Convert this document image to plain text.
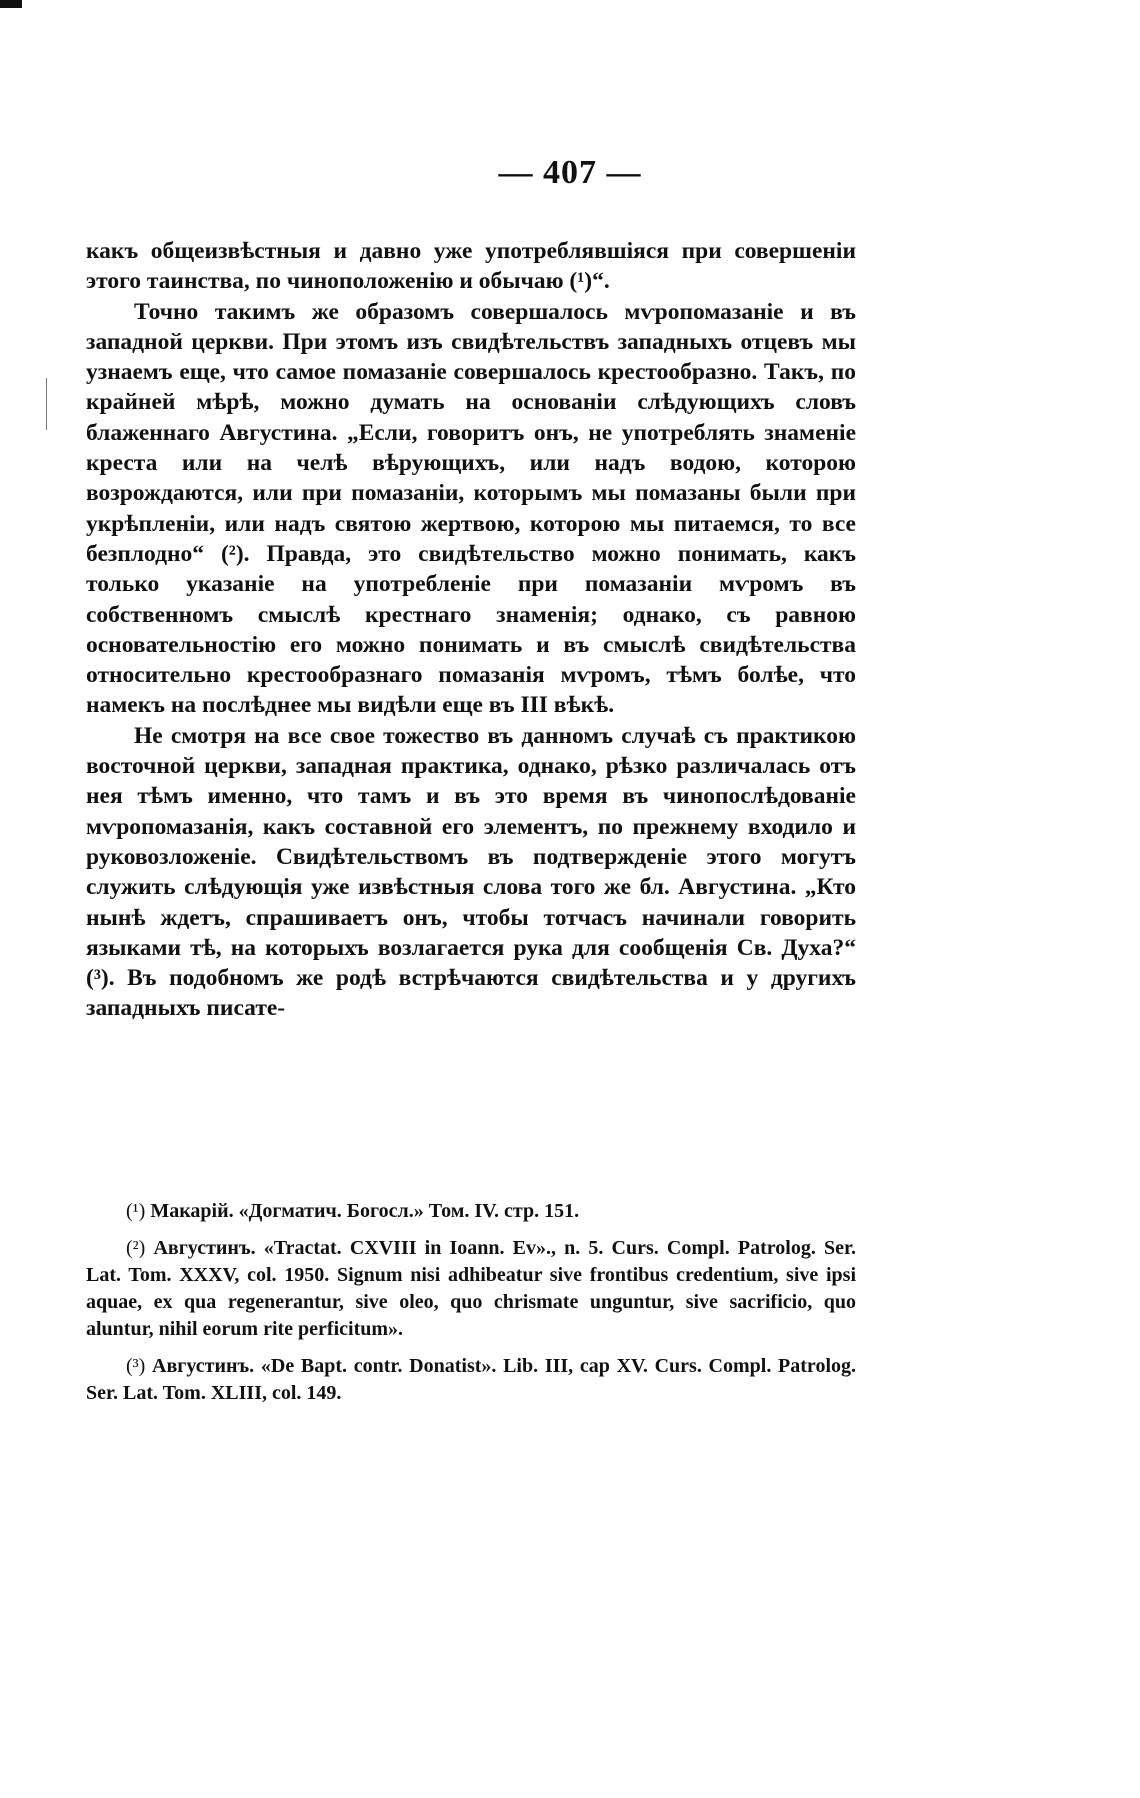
— 407 —

какъ общеизвѣстныя и давно уже употреблявшiяся при совершенiи этого таинства, по чиноположенiю и обычаю (¹)“.

Точно такимъ же образомъ совершалось мѵропомазанiе и въ западной церкви. При этомъ изъ свидѣтельствъ западныхъ отцевъ мы узнаемъ еще, что самое помазанiе совершалось крестообразно. Такъ, по крайней мѣрѣ, можно думать на основанiи слѣдующихъ словъ блаженнаго Августина. „Если, говоритъ онъ, не употреблять знаменiе креста или на челѣ вѣрующихъ, или надъ водою, которою возрождаются, или при помазанiи, которымъ мы помазаны были при укрѣпленiи, или надъ святою жертвою, которою мы питаемся, то все безплодно“ (²). Правда, это свидѣтельство можно понимать, какъ только указанiе на употребленiе при помазанiи мѵромъ въ собственномъ смыслѣ крестнаго знаменiя; однако, съ равною основательностiю его можно понимать и въ смыслѣ свидѣтельства относительно крестообразнаго помазанiя мѵромъ, тѣмъ болѣе, что намекъ на послѣднее мы видѣли еще въ III вѣкѣ.

Не смотря на все свое тожество въ данномъ случаѣ съ практикою восточной церкви, западная практика, однако, рѣзко различалась отъ нея тѣмъ именно, что тамъ и въ это время въ чинопослѣдованiе мѵропомазанiя, какъ составной его элементъ, по прежнему входило и руковозложенiе. Свидѣтельствомъ въ подтвержденiе этого могутъ служить слѣдующiя уже извѣстныя слова того же бл. Августина. „Кто нынѣ ждетъ, спрашиваетъ онъ, чтобы тотчасъ начинали говорить языками тѣ, на которыхъ возлагается рука для сообщенiя Св. Духа?“ (³). Въ подобномъ же родѣ встрѣчаются свидѣтельства и у другихъ западныхъ писате-

(¹) Макарiй. «Догматич. Богосл.» Том. IV. стр. 151.

(²) Августинъ. «Tractat. CXVIII in Ioann. Ev»., n. 5. Curs. Compl. Patrolog. Ser. Lat. Tom. XXXV, col. 1950. Signum nisi adhibeatur sive frontibus credentium, sive ipsi aquae, ex qua regenerantur, sive oleo, quo chrismate unguntur, sive sacrificio, quo aluntur, nihil eorum rite perficitum».

(³) Августинъ. «De Bapt. contr. Donatist». Lib. III, cap XV. Curs. Compl. Patrolog. Ser. Lat. Tom. XLIII, col. 149.
